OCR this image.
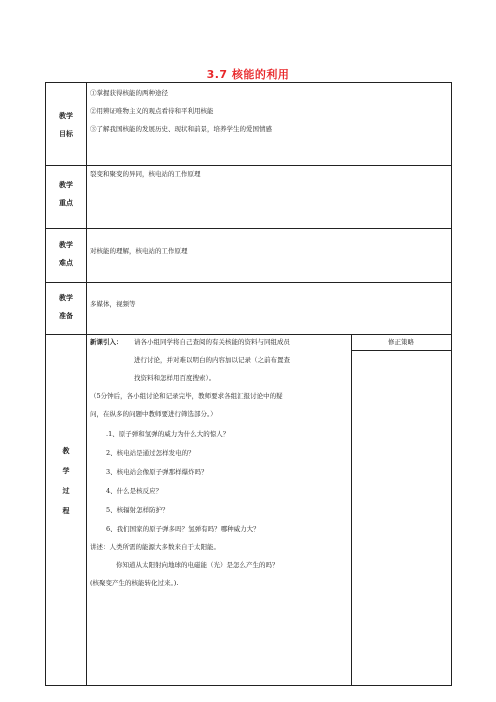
3.7 核能的利用
教学
目标
①掌握获得核能的两种途径
②用辨证唯物主义的观点看待和平利用核能
③了解我国核能的发展历史、现状和前景，培养学生的爱国情感
教学
重点
裂变和聚变的异同，核电站的工作原理
教学
难点
对核能的理解，核电站的工作原理
教学
准备
多媒体，视频等
教
学
过
程
修正策略
新课引入： 请各小组同学将自己查阅的有关核能的资料与同组成员
进行讨论，并对难以明白的内容加以记录（之前布置查
找资料和怎样用百度搜索）。
（5分钟后，各小组讨论和记录完毕，教师要求各组汇报讨论中的疑
问，在纵多的问题中教师要进行筛选部分。）
.1、原子弹和氢弹的威力为什么大的惊人？
2、核电站是通过怎样发电的？
3、核电站会像原子弹那样爆炸吗？
4、什么是核反应？
5、核辐射怎样防护？
6、我们国家的原子弹多吗？氢弹有吗？哪种威力大？
讲述：人类所需的能源大多数来自于太阳能。
你知道从太阳射向地球的电磁能（光）是怎么产生的吗？
(核聚变产生的核能转化过来。).
